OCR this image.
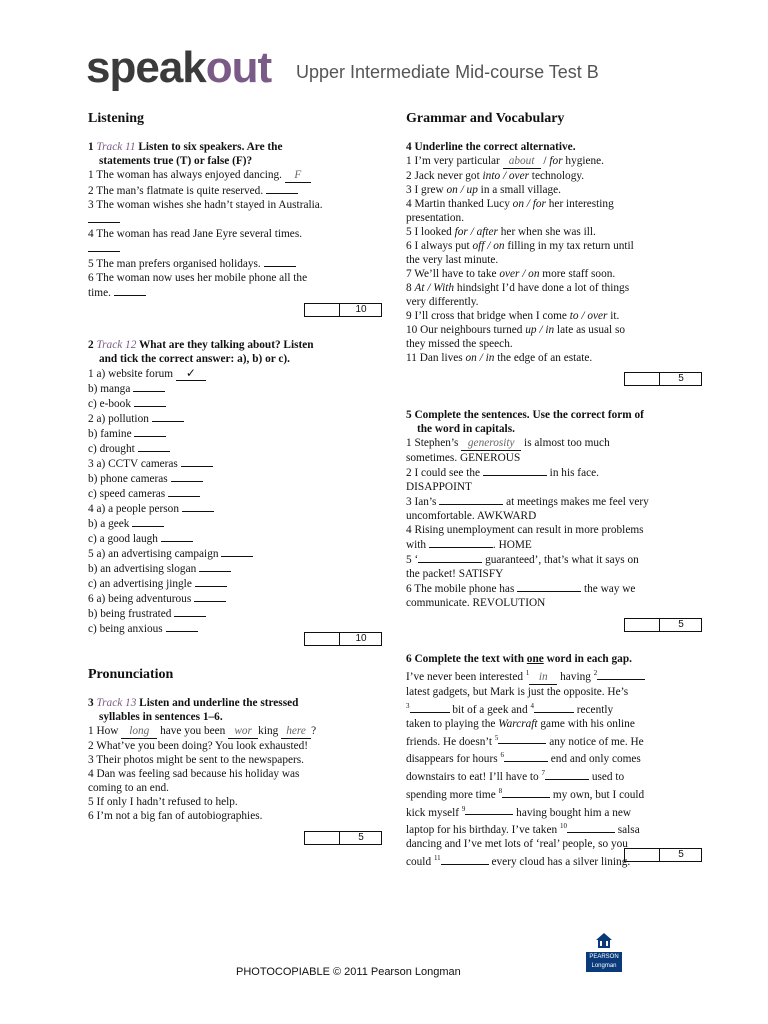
speakout Upper Intermediate Mid-course Test B
Listening
1 Track 11 Listen to six speakers. Are the
statements true (T) or false (F)?
1 The woman has always enjoyed dancing. F
2 The man’s flatmate is quite reserved.
3 The woman wishes she hadn’t stayed in Australia.
4 The woman has read Jane Eyre several times.
5 The man prefers organised holidays.
6 The woman now uses her mobile phone all the
time.
10
2 Track 12 What are they talking about? Listen
and tick the correct answer: a), b) or c).
1 a) website forum ✓
b) manga
c) e-book
2 a) pollution
b) famine
c) drought
3 a) CCTV cameras
b) phone cameras
c) speed cameras
4 a) a people person
b) a geek
c) a good laugh
5 a) an advertising campaign
b) an advertising slogan
c) an advertising jingle
6 a) being adventurous
b) being frustrated
c) being anxious
10
Pronunciation
3 Track 13 Listen and underline the stressed
syllables in sentences 1–6.
1 How long have you been wor king here ?
2 What’ve you been doing? You look exhausted!
3 Their photos might be sent to the newspapers.
4 Dan was feeling sad because his holiday was
coming to an end.
5 If only I hadn’t refused to help.
6 I’m not a big fan of autobiographies.
5
Grammar and Vocabulary
4 Underline the correct alternative.
1 I’m very particular about / for hygiene.
2 Jack never got into / over technology.
3 I grew on / up in a small village.
4 Martin thanked Lucy on / for her interesting
presentation.
5 I looked for / after her when she was ill.
6 I always put off / on filling in my tax return until
the very last minute.
7 We’ll have to take over / on more staff soon.
8 At / With hindsight I’d have done a lot of things
very differently.
9 I’ll cross that bridge when I come to / over it.
10 Our neighbours turned up / in late as usual so
they missed the speech.
11 Dan lives on / in the edge of an estate.
5
5 Complete the sentences. Use the correct form of
the word in capitals.
1 Stephen’s generosity is almost too much
sometimes. GENEROUS
2 I could see the	in his face.
DISAPPOINT
3 Ian’s	at meetings makes me feel very
uncomfortable. AWKWARD
4 Rising unemployment can result in more problems
with	. HOME
5 ‘	guaranteed’, that’s what it says on
the packet! SATISFY
6 The mobile phone has	the way we
communicate. REVOLUTION
5
6 Complete the text with one word in each gap.
I’ve never been interested $^1$ in having $^2$
latest gadgets, but Mark is just the opposite. He’s
$^3$	bit of a geek and $^4$	recently
taken to playing the Warcraft game with his online
friends. He doesn’t $^5$	any notice of me. He
disappears for hours $^6$	end and only comes
downstairs to eat! I’ll have to $^7$	used to
spending more time $^8$	my own, but I could
kick myself $^9$	having bought him a new
laptop for his birthday. I’ve taken $^{10}$	salsa
dancing and I’ve met lots of ‘real’ people, so you
could $^{11}$	every cloud has a silver lining.
5
PHOTOCOPIABLE © 2011 Pearson Longman
PEARSON
Longman
